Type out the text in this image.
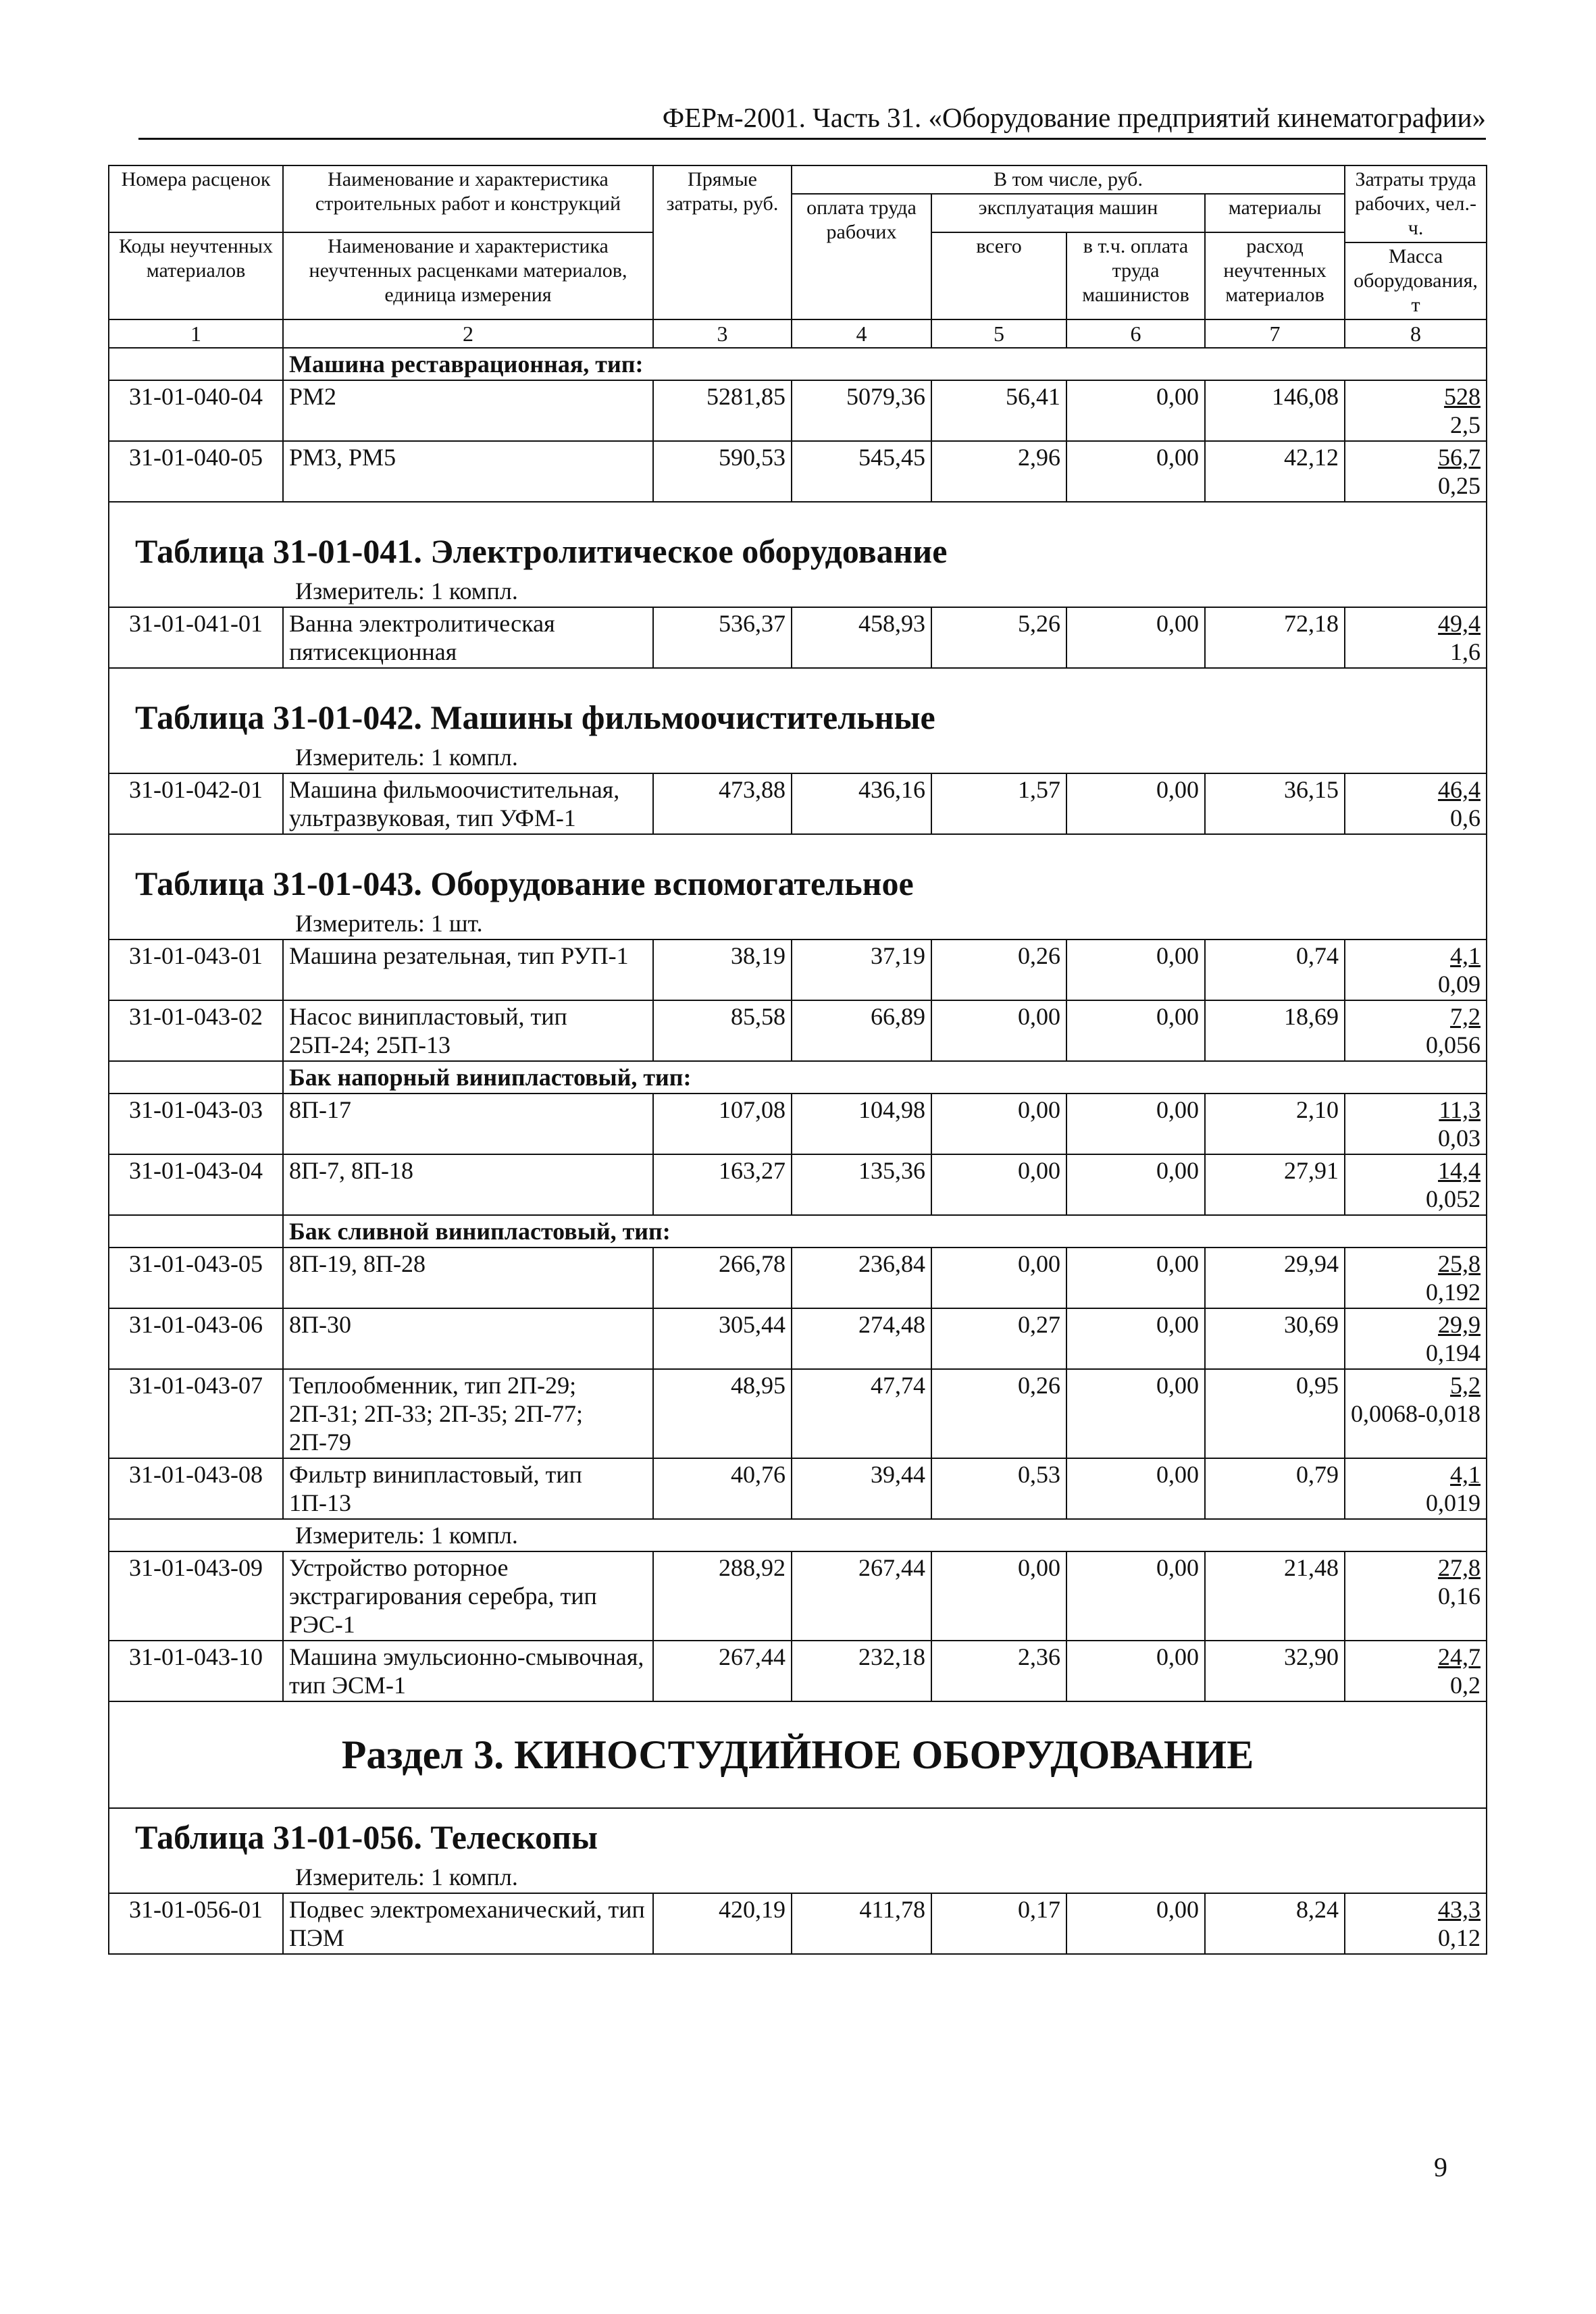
ФЕРм-2001. Часть 31. «Оборудование предприятий кинематографии»
Номера расценок	Наименование и характеристика строительных работ и конструкций	Прямые затраты, руб.	В том числе, руб.				Затраты труда рабочих, чел.-ч.
			оплата труда рабочих	эксплуатация машин		материалы	
Коды неучтенных материалов	Наименование и характеристика неучтенных расценками материалов, единица измерения			всего	в т.ч. оплата труда машинистов	расход неучтенных материалов	
							Масса оборудования, т
1	2	3	4	5	6	7	8
	Машина реставрационная, тип:						
31-01-040-04	РМ2	5281,85	5079,36	56,41	0,00	146,08	528
2,5

31-01-040-05	РМ3, РМ5	590,53	545,45	2,96	0,00	42,12	56,7
0,25

Таблица 31-01-041. Электролитическое оборудование							

Измеритель: 1 компл.							
31-01-041-01	Ванна электролитическая пятисекционная	536,37	458,93	5,26	0,00	72,18	49,4
1,6

Таблица 31-01-042. Машины фильмоочистительные							

Измеритель: 1 компл.							
31-01-042-01	Машина фильмоочистительная, ультразвуковая, тип УФМ-1	473,88	436,16	1,57	0,00	36,15	46,4
0,6

Таблица 31-01-043. Оборудование вспомогательное							

Измеритель: 1 шт.							
31-01-043-01	Машина резательная, тип РУП-1	38,19	37,19	0,26	0,00	0,74	4,1
0,09

31-01-043-02	Насос винипластовый, тип 25П-24; 25П-13	85,58	66,89	0,00	0,00	18,69	7,2
0,056

	Бак напорный винипластовый, тип:						
31-01-043-03	8П-17	107,08	104,98	0,00	0,00	2,10	11,3
0,03

31-01-043-04	8П-7, 8П-18	163,27	135,36	0,00	0,00	27,91	14,4
0,052

	Бак сливной винипластовый, тип:						
31-01-043-05	8П-19, 8П-28	266,78	236,84	0,00	0,00	29,94	25,8
0,192

31-01-043-06	8П-30	305,44	274,48	0,27	0,00	30,69	29,9
0,194

31-01-043-07	Теплообменник, тип 2П-29; 2П-31; 2П-33; 2П-35; 2П-77; 2П-79	48,95	47,74	0,26	0,00	0,95	5,2
0,0068-0,018

31-01-043-08	Фильтр винипластовый, тип 1П-13	40,76	39,44	0,53	0,00	0,79	4,1
0,019

Измеритель: 1 компл.							
31-01-043-09	Устройство роторное экстрагирования серебра, тип РЭС-1	288,92	267,44	0,00	0,00	21,48	27,8
0,16

31-01-043-10	Машина эмульсионно-смывочная, тип ЭСМ-1	267,44	232,18	2,36	0,00	32,90	24,7
0,2

Раздел 3. КИНОСТУДИЙНОЕ ОБОРУДОВАНИЕ							

Таблица 31-01-056. Телескопы							

Измеритель: 1 компл.							
31-01-056-01	Подвес электромеханический, тип ПЭМ	420,19	411,78	0,17	0,00	8,24	43,3
0,12
9
